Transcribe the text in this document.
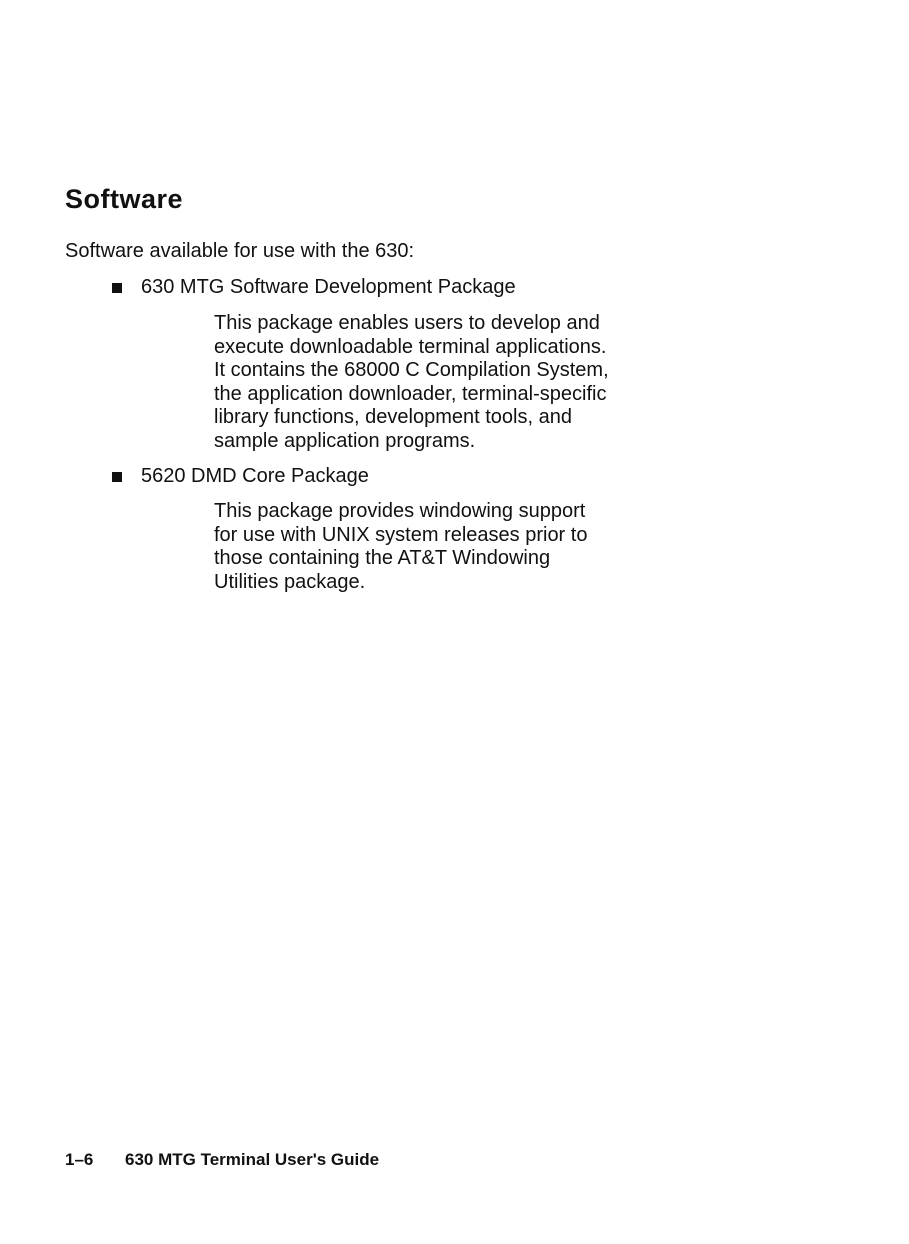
Software

Software available for use with the 630:

630 MTG Software Development Package

This package enables users to develop and
execute downloadable terminal applications.
It contains the 68000 C Compilation System,
the application downloader, terminal-specific
library functions, development tools, and
sample application programs.

5620 DMD Core Package

This package provides windowing support
for use with UNIX system releases prior to
those containing the AT&T Windowing
Utilities package.

1–6 630 MTG Terminal User's Guide
